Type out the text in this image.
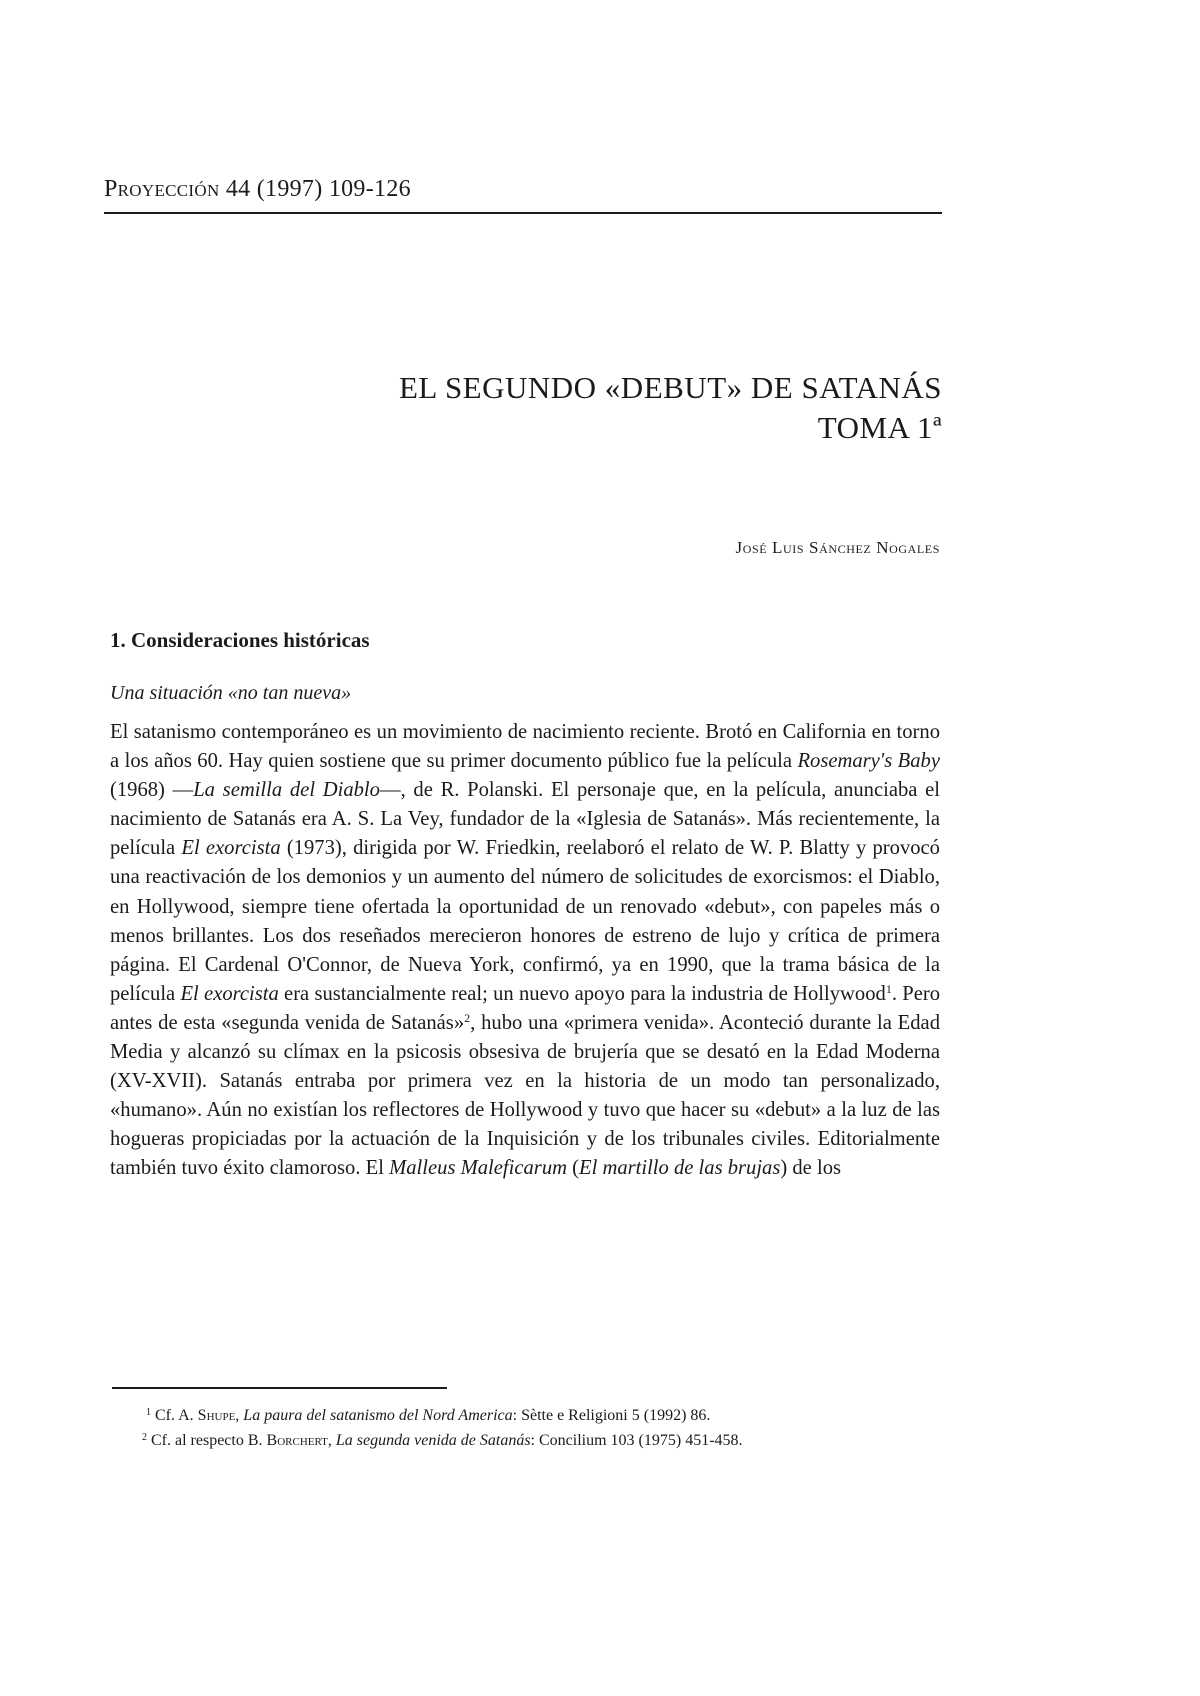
Proyección 44 (1997) 109-126
EL SEGUNDO «DEBUT» DE SATANÁS
TOMA 1ª
José Luis Sánchez Nogales
1. Consideraciones históricas
Una situación «no tan nueva»

El satanismo contemporáneo es un movimiento de nacimiento reciente. Brotó en California en torno a los años 60. Hay quien sostiene que su primer documento público fue la película Rosemary's Baby (1968) —La semilla del Diablo—, de R. Polanski. El personaje que, en la película, anunciaba el nacimiento de Satanás era A. S. La Vey, fundador de la «Iglesia de Satanás». Más recientemente, la película El exorcista (1973), dirigida por W. Friedkin, reelaboró el relato de W. P. Blatty y provocó una reactivación de los demonios y un aumento del número de solicitudes de exorcismos: el Diablo, en Hollywood, siempre tiene ofertada la oportunidad de un renovado «debut», con papeles más o menos brillantes. Los dos reseñados merecieron honores de estreno de lujo y crítica de primera página. El Cardenal O'Connor, de Nueva York, confirmó, ya en 1990, que la trama básica de la película El exorcista era sustancialmente real; un nuevo apoyo para la industria de Hollywood$^1$. Pero antes de esta «segunda venida de Satanás»$^2$, hubo una «primera venida». Aconteció durante la Edad Media y alcanzó su clímax en la psicosis obsesiva de brujería que se desató en la Edad Moderna (XV-XVII). Satanás entraba por primera vez en la historia de un modo tan personalizado, «humano». Aún no existían los reflectores de Hollywood y tuvo que hacer su «debut» a la luz de las hogueras propiciadas por la actuación de la Inquisición y de los tribunales civiles. Editorialmente también tuvo éxito clamoroso. El Malleus Maleficarum (El martillo de las brujas) de los

$^1$ Cf. A. Shupe, La paura del satanismo del Nord America: Sètte e Religioni 5 (1992) 86.

$^2$ Cf. al respecto B. Borchert, La segunda venida de Satanás: Concilium 103 (1975) 451-458.
